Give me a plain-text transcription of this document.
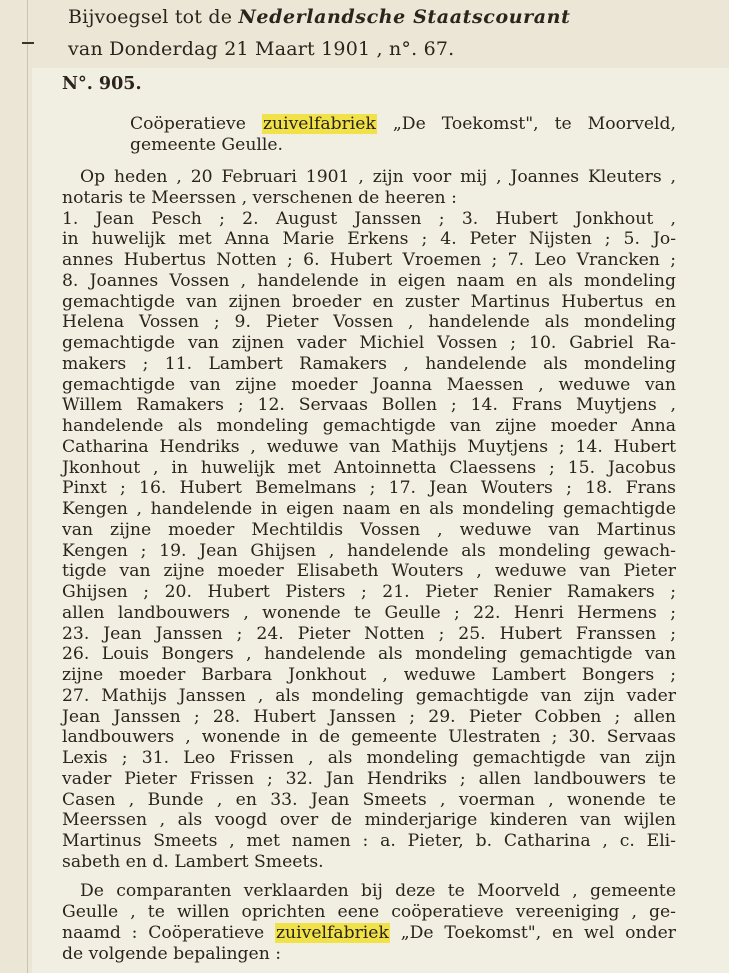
Bijvoegsel tot de Nederlandsche Staatscourant
van Donderdag 21 Maart 1901 , n°. 67.
N°. 905.
Coöperatieve zuivelfabriek „De Toekomst", te Moorveld,
gemeente Geulle.
Op heden , 20 Februari 1901 , zijn voor mij , Joannes Kleuters ,
notaris te Meerssen , verschenen de heeren :
1. Jean Pesch ; 2. August Janssen ; 3. Hubert Jonkhout ,
in huwelijk met Anna Marie Erkens ; 4. Peter Nijsten ; 5. Jo-
annes Hubertus Notten ; 6. Hubert Vroemen ; 7. Leo Vrancken ;
8. Joannes Vossen , handelende in eigen naam en als mondeling
gemachtigde van zijnen broeder en zuster Martinus Hubertus en
Helena Vossen ; 9. Pieter Vossen , handelende als mondeling
gemachtigde van zijnen vader Michiel Vossen ; 10. Gabriel Ra-
makers ; 11. Lambert Ramakers , handelende als mondeling
gemachtigde van zijne moeder Joanna Maessen , weduwe van
Willem Ramakers ; 12. Servaas Bollen ; 14. Frans Muytjens ,
handelende als mondeling gemachtigde van zijne moeder Anna
Catharina Hendriks , weduwe van Mathijs Muytjens ; 14. Hubert
Jkonhout , in huwelijk met Antoinnetta Claessens ; 15. Jacobus
Pinxt ; 16. Hubert Bemelmans ; 17. Jean Wouters ; 18. Frans
Kengen , handelende in eigen naam en als mondeling gemachtigde
van zijne moeder Mechtildis Vossen , weduwe van Martinus
Kengen ; 19. Jean Ghijsen , handelende als mondeling gewach-
tigde van zijne moeder Elisabeth Wouters , weduwe van Pieter
Ghijsen ; 20. Hubert Pisters ; 21. Pieter Renier Ramakers ;
allen landbouwers , wonende te Geulle ; 22. Henri Hermens ;
23. Jean Janssen ; 24. Pieter Notten ; 25. Hubert Franssen ;
26. Louis Bongers , handelende als mondeling gemachtigde van
zijne moeder Barbara Jonkhout , weduwe Lambert Bongers ;
27. Mathijs Janssen , als mondeling gemachtigde van zijn vader
Jean Janssen ; 28. Hubert Janssen ; 29. Pieter Cobben ; allen
landbouwers , wonende in de gemeente Ulestraten ; 30. Servaas
Lexis ; 31. Leo Frissen , als mondeling gemachtigde van zijn
vader Pieter Frissen ; 32. Jan Hendriks ; allen landbouwers te
Casen , Bunde , en 33. Jean Smeets , voerman , wonende te
Meerssen , als voogd over de minderjarige kinderen van wijlen
Martinus Smeets , met namen : a. Pieter, b. Catharina , c. Eli-
sabeth en d. Lambert Smeets.
De comparanten verklaarden bij deze te Moorveld , gemeente
Geulle , te willen oprichten eene coöperatieve vereeniging , ge-
naamd : Coöperatieve zuivelfabriek „De Toekomst", en wel onder
de volgende bepalingen :
